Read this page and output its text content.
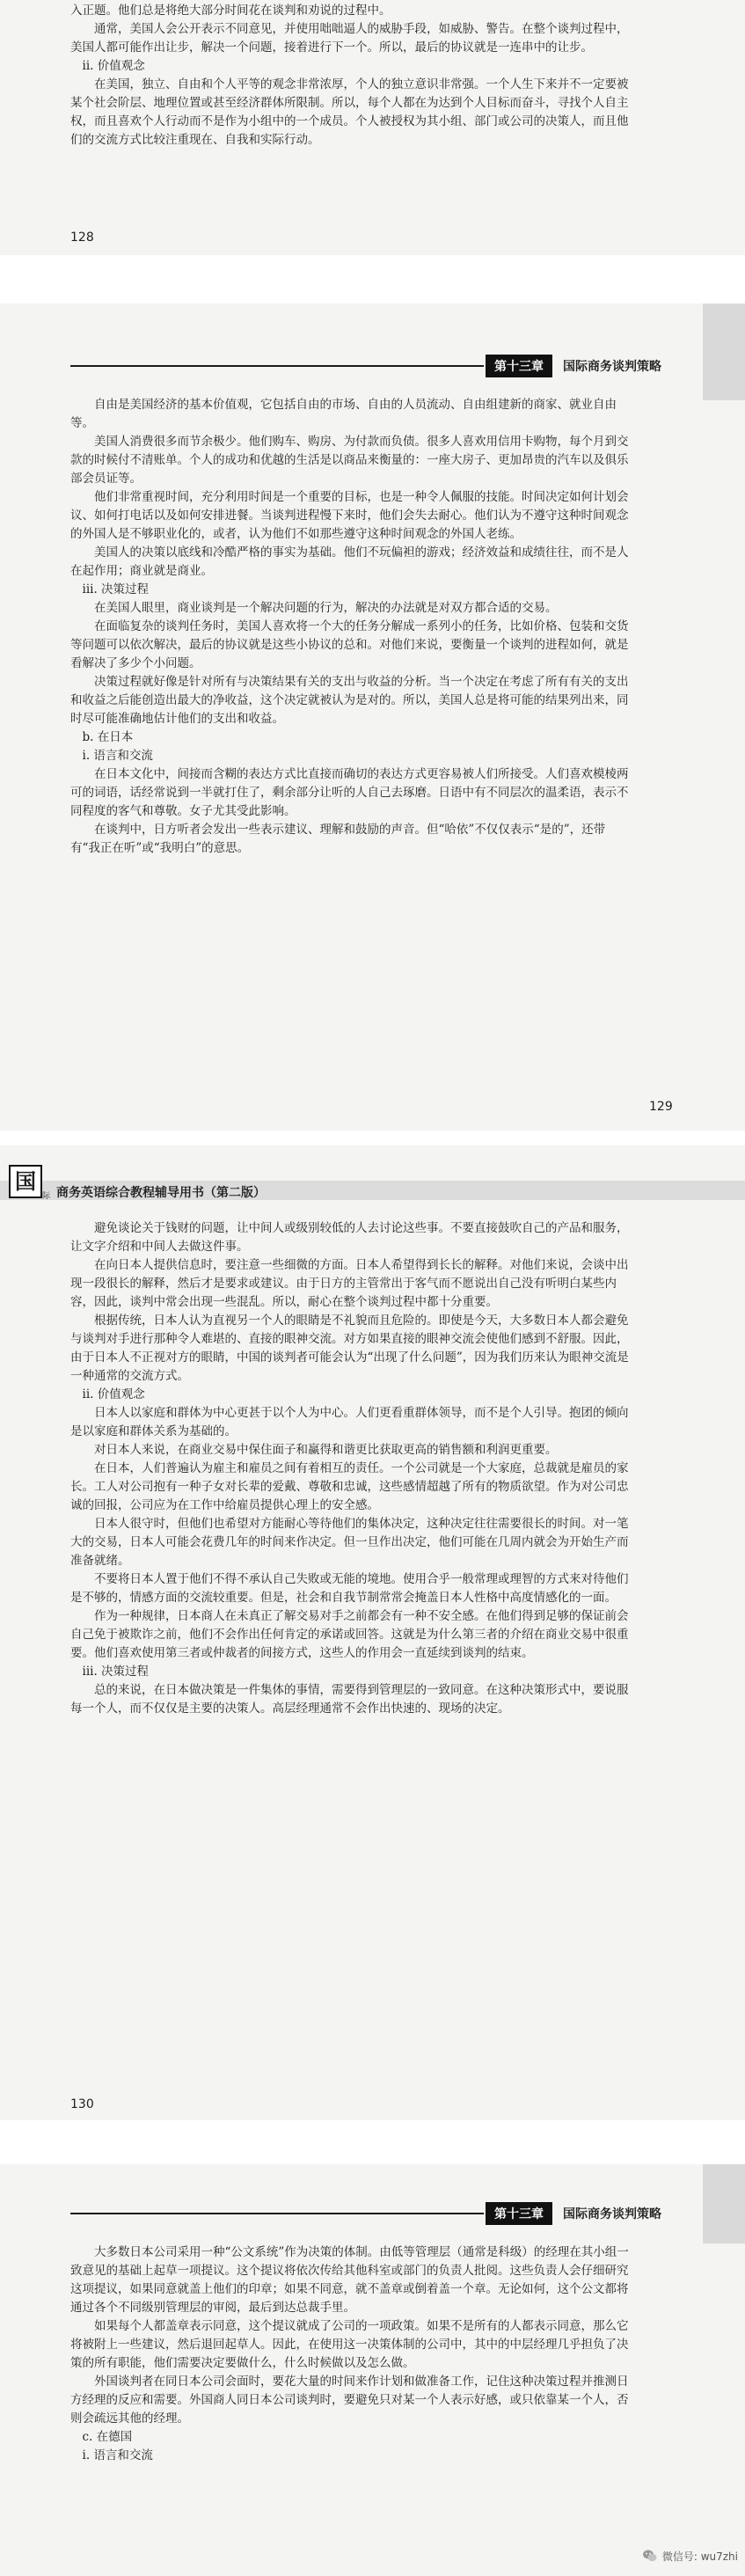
入正题。他们总是将绝大部分时间花在谈判和劝说的过程中。

通常，美国人会公开表示不同意见，并使用咄咄逼人的威胁手段，如威胁、警告。在整个谈判过程中，美国人都可能作出让步，解决一个问题，接着进行下一个。所以，最后的协议就是一连串中的让步。

ii. 价值观念

在美国，独立、自由和个人平等的观念非常浓厚，个人的独立意识非常强。一个人生下来并不一定要被某个社会阶层、地理位置或甚至经济群体所限制。所以，每个人都在为达到个人目标而奋斗，寻找个人自主权，而且喜欢个人行动而不是作为小组中的一个成员。个人被授权为其小组、部门或公司的决策人，而且他们的交流方式比较注重现在、自我和实际行动。

128
第十三章	国际商务谈判策略

自由是美国经济的基本价值观，它包括自由的市场、自由的人员流动、自由组建新的商家、就业自由等。

美国人消费很多而节余极少。他们购车、购房、为付款而负债。很多人喜欢用信用卡购物，每个月到交款的时候付不清账单。个人的成功和优越的生活是以商品来衡量的：一座大房子、更加昂贵的汽车以及俱乐部会员证等。

他们非常重视时间，充分利用时间是一个重要的目标，也是一种令人佩服的技能。时间决定如何计划会议、如何打电话以及如何安排进餐。当谈判进程慢下来时，他们会失去耐心。他们认为不遵守这种时间观念的外国人是不够职业化的，或者，认为他们不如那些遵守这种时间观念的外国人老练。

美国人的决策以底线和冷酷严格的事实为基础。他们不玩偏袒的游戏；经济效益和成绩往往，而不是人在起作用；商业就是商业。

iii. 决策过程

在美国人眼里，商业谈判是一个解决问题的行为，解决的办法就是对双方都合适的交易。

在面临复杂的谈判任务时，美国人喜欢将一个大的任务分解成一系列小的任务，比如价格、包装和交货等问题可以依次解决，最后的协议就是这些小协议的总和。对他们来说，要衡量一个谈判的进程如何，就是看解决了多少个小问题。

决策过程就好像是针对所有与决策结果有关的支出与收益的分析。当一个决定在考虑了所有有关的支出和收益之后能创造出最大的净收益，这个决定就被认为是对的。所以，美国人总是将可能的结果列出来，同时尽可能准确地估计他们的支出和收益。

b. 在日本

i. 语言和交流

在日本文化中，间接而含糊的表达方式比直接而确切的表达方式更容易被人们所接受。人们喜欢模棱两可的词语，话经常说到一半就打住了，剩余部分让听的人自己去琢磨。日语中有不同层次的温柔语，表示不同程度的客气和尊敬。女子尤其受此影响。

在谈判中，日方听者会发出一些表示建议、理解和鼓励的声音。但“哈依”不仅仅表示“是的”，还带有“我正在听”或“我明白”的意思。

129
国
际 商务英语综合教程辅导用书（第二版）

避免谈论关于钱财的问题，让中间人或级别较低的人去讨论这些事。不要直接鼓吹自己的产品和服务，让文字介绍和中间人去做这件事。

在向日本人提供信息时，要注意一些细微的方面。日本人希望得到长长的解释。对他们来说，会谈中出现一段很长的解释，然后才是要求或建议。由于日方的主管常出于客气而不愿说出自己没有听明白某些内容，因此，谈判中常会出现一些混乱。所以，耐心在整个谈判过程中都十分重要。

根据传统，日本人认为直视另一个人的眼睛是不礼貌而且危险的。即使是今天，大多数日本人都会避免与谈判对手进行那种令人难堪的、直接的眼神交流。对方如果直接的眼神交流会使他们感到不舒服。因此，由于日本人不正视对方的眼睛，中国的谈判者可能会认为“出现了什么问题”，因为我们历来认为眼神交流是一种通常的交流方式。

ii. 价值观念

日本人以家庭和群体为中心更甚于以个人为中心。人们更看重群体领导，而不是个人引导。抱团的倾向是以家庭和群体关系为基础的。

对日本人来说，在商业交易中保住面子和赢得和谐更比获取更高的销售额和利润更重要。

在日本，人们普遍认为雇主和雇员之间有着相互的责任。一个公司就是一个大家庭，总裁就是雇员的家长。工人对公司抱有一种子女对长辈的爱戴、尊敬和忠诚，这些感情超越了所有的物质欲望。作为对公司忠诚的回报，公司应为在工作中给雇员提供心理上的安全感。

日本人很守时，但他们也希望对方能耐心等待他们的集体决定，这种决定往往需要很长的时间。对一笔大的交易，日本人可能会花费几年的时间来作决定。但一旦作出决定，他们可能在几周内就会为开始生产而准备就绪。

不要将日本人置于他们不得不承认自己失败或无能的境地。使用合乎一般常理或理智的方式来对待他们是不够的，情感方面的交流较重要。但是，社会和自我节制常常会掩盖日本人性格中高度情感化的一面。

作为一种规律，日本商人在未真正了解交易对手之前都会有一种不安全感。在他们得到足够的保证前会自己免于被欺诈之前，他们不会作出任何肯定的承诺或回答。这就是为什么第三者的介绍在商业交易中很重要。他们喜欢使用第三者或仲裁者的间接方式，这些人的作用会一直延续到谈判的结束。

iii. 决策过程

总的来说，在日本做决策是一件集体的事情，需要得到管理层的一致同意。在这种决策形式中，要说服每一个人，而不仅仅是主要的决策人。高层经理通常不会作出快速的、现场的决定。

130
第十三章	国际商务谈判策略

大多数日本公司采用一种“公文系统”作为决策的体制。由低等管理层（通常是科级）的经理在其小组一致意见的基础上起草一项提议。这个提议将依次传给其他科室或部门的负责人批阅。这些负责人会仔细研究这项提议，如果同意就盖上他们的印章；如果不同意，就不盖章或倒着盖一个章。无论如何，这个公文都将通过各个不同级别管理层的审阅，最后到达总裁手里。

如果每个人都盖章表示同意，这个提议就成了公司的一项政策。如果不是所有的人都表示同意，那么它将被附上一些建议，然后退回起草人。因此，在使用这一决策体制的公司中，其中的中层经理几乎担负了决策的所有职能，他们需要决定要做什么，什么时候做以及怎么做。

外国谈判者在同日本公司会面时，要花大量的时间来作计划和做准备工作，记住这种决策过程并推测日方经理的反应和需要。外国商人同日本公司谈判时，要避免只对某一个人表示好感，或只依靠某一个人，否则会疏远其他的经理。

c. 在德国

i. 语言和交流

微信号: wu7zhi
